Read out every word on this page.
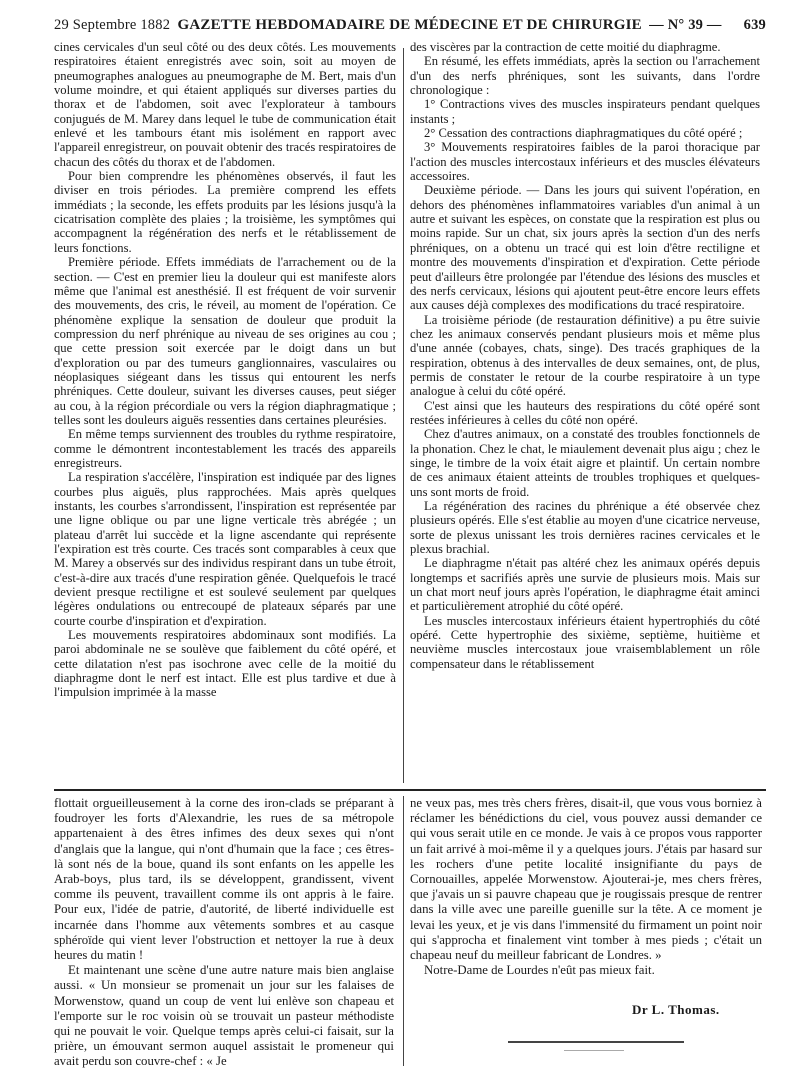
29 Septembre 1882 GAZETTE HEBDOMADAIRE DE MÉDECINE ET DE CHIRURGIE — N° 39 — 639

cines cervicales d'un seul côté ou des deux côtés. Les mouvements respiratoires étaient enregistrés avec soin, soit au moyen de pneumographes analogues au pneumographe de M. Bert, mais d'un volume moindre, et qui étaient appliqués sur diverses parties du thorax et de l'abdomen, soit avec l'explorateur à tambours conjugués de M. Marey dans lequel le tube de communication était enlevé et les tambours étant mis isolément en rapport avec l'appareil enregistreur, on pouvait obtenir des tracés respiratoires de chacun des côtés du thorax et de l'abdomen.

Pour bien comprendre les phénomènes observés, il faut les diviser en trois périodes. La première comprend les effets immédiats ; la seconde, les effets produits par les lésions jusqu'à la cicatrisation complète des plaies ; la troisième, les symptômes qui accompagnent la régénération des nerfs et le rétablissement de leurs fonctions.

Première période. Effets immédiats de l'arrachement ou de la section. — C'est en premier lieu la douleur qui est manifeste alors même que l'animal est anesthésié. Il est fréquent de voir survenir des mouvements, des cris, le réveil, au moment de l'opération. Ce phénomène explique la sensation de douleur que produit la compression du nerf phrénique au niveau de ses origines au cou ; que cette pression soit exercée par le doigt dans un but d'exploration ou par des tumeurs ganglionnaires, vasculaires ou néoplasiques siégeant dans les tissus qui entourent les nerfs phréniques. Cette douleur, suivant les diverses causes, peut siéger au cou, à la région précordiale ou vers la région diaphragmatique ; telles sont les douleurs aiguës ressenties dans certaines pleurésies.

En même temps surviennent des troubles du rythme respiratoire, comme le démontrent incontestablement les tracés des appareils enregistreurs.

La respiration s'accélère, l'inspiration est indiquée par des lignes courbes plus aiguës, plus rapprochées. Mais après quelques instants, les courbes s'arrondissent, l'inspiration est représentée par une ligne oblique ou par une ligne verticale très abrégée ; un plateau d'arrêt lui succède et la ligne ascendante qui représente l'expiration est très courte. Ces tracés sont comparables à ceux que M. Marey a observés sur des individus respirant dans un tube étroit, c'est-à-dire aux tracés d'une respiration gênée. Quelquefois le tracé devient presque rectiligne et est soulevé seulement par quelques légères ondulations ou entrecoupé de plateaux séparés par une courte courbe d'inspiration et d'expiration.

Les mouvements respiratoires abdominaux sont modifiés. La paroi abdominale ne se soulève que faiblement du côté opéré, et cette dilatation n'est pas isochrone avec celle de la moitié du diaphragme dont le nerf est intact. Elle est plus tardive et due à l'impulsion imprimée à la masse

des viscères par la contraction de cette moitié du diaphragme.

En résumé, les effets immédiats, après la section ou l'arrachement d'un des nerfs phréniques, sont les suivants, dans l'ordre chronologique :

1° Contractions vives des muscles inspirateurs pendant quelques instants ;

2° Cessation des contractions diaphragmatiques du côté opéré ;

3° Mouvements respiratoires faibles de la paroi thoracique par l'action des muscles intercostaux inférieurs et des muscles élévateurs accessoires.

Deuxième période. — Dans les jours qui suivent l'opération, en dehors des phénomènes inflammatoires variables d'un animal à un autre et suivant les espèces, on constate que la respiration est plus ou moins rapide. Sur un chat, six jours après la section d'un des nerfs phréniques, on a obtenu un tracé qui est loin d'être rectiligne et montre des mouvements d'inspiration et d'expiration. Cette période peut d'ailleurs être prolongée par l'étendue des lésions des muscles et des nerfs cervicaux, lésions qui ajoutent peut-être encore leurs effets aux causes déjà complexes des modifications du tracé respiratoire.

La troisième période (de restauration définitive) a pu être suivie chez les animaux conservés pendant plusieurs mois et même plus d'une année (cobayes, chats, singe). Des tracés graphiques de la respiration, obtenus à des intervalles de deux semaines, ont, de plus, permis de constater le retour de la courbe respiratoire à un type analogue à celui du côté opéré.

C'est ainsi que les hauteurs des respirations du côté opéré sont restées inférieures à celles du côté non opéré.

Chez d'autres animaux, on a constaté des troubles fonctionnels de la phonation. Chez le chat, le miaulement devenait plus aigu ; chez le singe, le timbre de la voix était aigre et plaintif. Un certain nombre de ces animaux étaient atteints de troubles trophiques et quelques-uns sont morts de froid.

La régénération des racines du phrénique a été observée chez plusieurs opérés. Elle s'est établie au moyen d'une cicatrice nerveuse, sorte de plexus unissant les trois dernières racines cervicales et le plexus brachial.

Le diaphragme n'était pas altéré chez les animaux opérés depuis longtemps et sacrifiés après une survie de plusieurs mois. Mais sur un chat mort neuf jours après l'opération, le diaphragme était aminci et particulièrement atrophié du côté opéré.

Les muscles intercostaux inférieurs étaient hypertrophiés du côté opéré. Cette hypertrophie des sixième, septième, huitième et neuvième muscles intercostaux joue vraisemblablement un rôle compensateur dans le rétablissement

flottait orgueilleusement à la corne des iron-clads se préparant à foudroyer les forts d'Alexandrie, les rues de sa métropole appartenaient à des êtres infimes des deux sexes qui n'ont d'anglais que la langue, qui n'ont d'humain que la face ; ces êtres-là sont nés de la boue, quand ils sont enfants on les appelle les Arab-boys, plus tard, ils se développent, grandissent, vivent comme ils peuvent, travaillent comme ils ont appris à le faire. Pour eux, l'idée de patrie, d'autorité, de liberté individuelle est incarnée dans l'homme aux vêtements sombres et au casque sphéroïde qui vient lever l'obstruction et nettoyer la rue à deux heures du matin !

Et maintenant une scène d'une autre nature mais bien anglaise aussi. « Un monsieur se promenait un jour sur les falaises de Morwenstow, quand un coup de vent lui enlève son chapeau et l'emporte sur le roc voisin où se trouvait un pasteur méthodiste qui ne pouvait le voir. Quelque temps après celui-ci faisait, sur la prière, un émouvant sermon auquel assistait le promeneur qui avait perdu son couvre-chef : « Je

ne veux pas, mes très chers frères, disait-il, que vous vous borniez à réclamer les bénédictions du ciel, vous pouvez aussi demander ce qui vous serait utile en ce monde. Je vais à ce propos vous rapporter un fait arrivé à moi-même il y a quelques jours. J'étais par hasard sur les rochers d'une petite localité insignifiante du pays de Cornouailles, appelée Morwenstow. Ajouterai-je, mes chers frères, que j'avais un si pauvre chapeau que je rougissais presque de rentrer dans la ville avec une pareille guenille sur la tête. A ce moment je levai les yeux, et je vis dans l'immensité du firmament un point noir qui s'approcha et finalement vint tomber à mes pieds ; c'était un chapeau neuf du meilleur fabricant de Londres. »

Notre-Dame de Lourdes n'eût pas mieux fait.

Dr L. Thomas.
